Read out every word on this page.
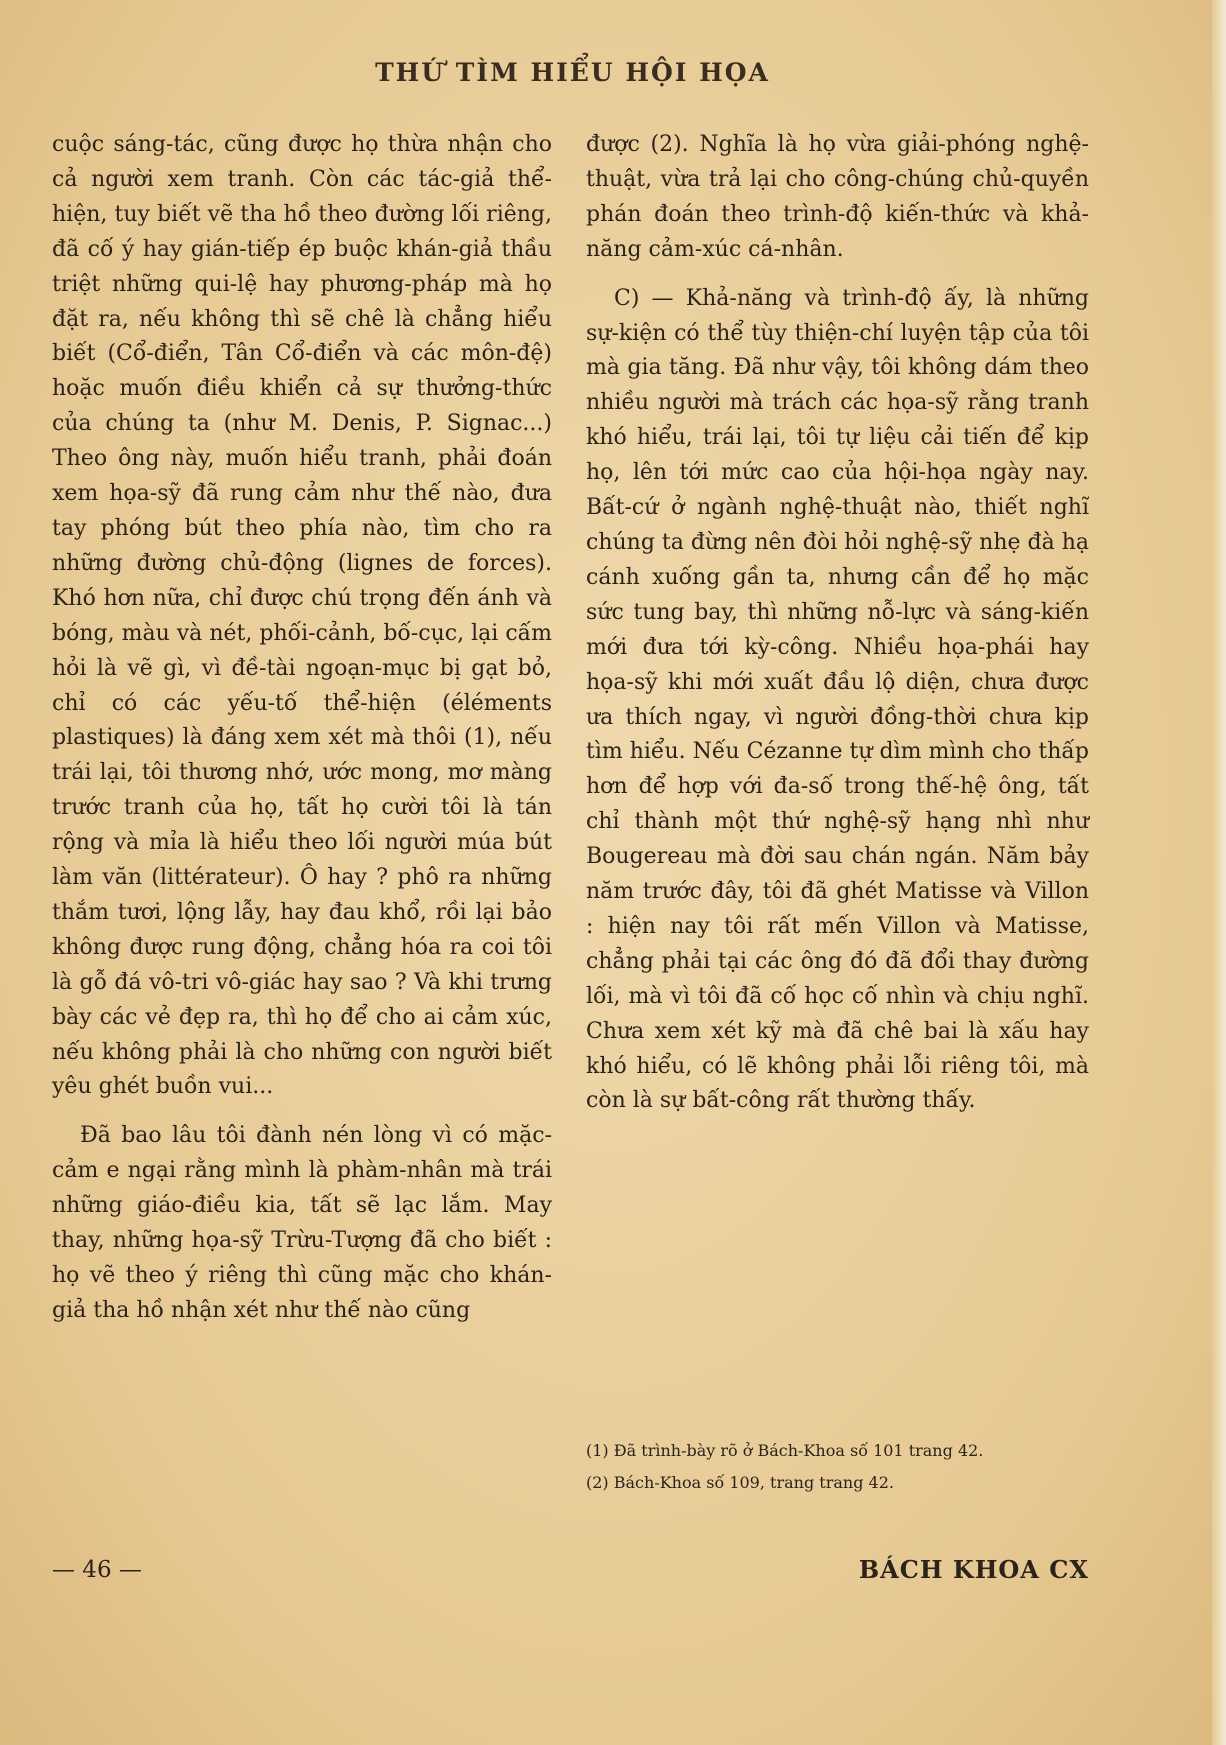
THỨ TÌM HIỂU HỘI HỌA

cuộc sáng-tác, cũng được họ thừa nhận cho cả người xem tranh. Còn các tác-giả thể-hiện, tuy biết vẽ tha hồ theo đường lối riêng, đã cố ý hay gián-tiếp ép buộc khán-giả thầu triệt những qui-lệ hay phương-pháp mà họ đặt ra, nếu không thì sẽ chê là chẳng hiểu biết (Cổ-điển, Tân Cổ-điển và các môn-đệ) hoặc muốn điều khiển cả sự thưởng-thức của chúng ta (như M. Denis, P. Signac...) Theo ông này, muốn hiểu tranh, phải đoán xem họa-sỹ đã rung cảm như thế nào, đưa tay phóng bút theo phía nào, tìm cho ra những đường chủ-động (lignes de forces). Khó hơn nữa, chỉ được chú trọng đến ánh và bóng, màu và nét, phối-cảnh, bố-cục, lại cấm hỏi là vẽ gì, vì đề-tài ngoạn-mục bị gạt bỏ, chỉ có các yếu-tố thể-hiện (éléments plastiques) là đáng xem xét mà thôi (1), nếu trái lại, tôi thương nhớ, ước mong, mơ màng trước tranh của họ, tất họ cười tôi là tán rộng và mỉa là hiểu theo lối người múa bút làm văn (littérateur). Ô hay ? phô ra những thắm tươi, lộng lẫy, hay đau khổ, rồi lại bảo không được rung động, chẳng hóa ra coi tôi là gỗ đá vô-tri vô-giác hay sao ? Và khi trưng bày các vẻ đẹp ra, thì họ để cho ai cảm xúc, nếu không phải là cho những con người biết yêu ghét buồn vui...

Đã bao lâu tôi đành nén lòng vì có mặc-cảm e ngại rằng mình là phàm-nhân mà trái những giáo-điều kia, tất sẽ lạc lắm. May thay, những họa-sỹ Trừu-Tượng đã cho biết : họ vẽ theo ý riêng thì cũng mặc cho khán-giả tha hồ nhận xét như thế nào cũng

được (2). Nghĩa là họ vừa giải-phóng nghệ-thuật, vừa trả lại cho công-chúng chủ-quyền phán đoán theo trình-độ kiến-thức và khả-năng cảm-xúc cá-nhân.

C) — Khả-năng và trình-độ ấy, là những sự-kiện có thể tùy thiện-chí luyện tập của tôi mà gia tăng. Đã như vậy, tôi không dám theo nhiều người mà trách các họa-sỹ rằng tranh khó hiểu, trái lại, tôi tự liệu cải tiến để kịp họ, lên tới mức cao của hội-họa ngày nay. Bất-cứ ở ngành nghệ-thuật nào, thiết nghĩ chúng ta đừng nên đòi hỏi nghệ-sỹ nhẹ đà hạ cánh xuống gần ta, nhưng cần để họ mặc sức tung bay, thì những nỗ-lực và sáng-kiến mới đưa tới kỳ-công. Nhiều họa-phái hay họa-sỹ khi mới xuất đầu lộ diện, chưa được ưa thích ngay, vì người đồng-thời chưa kịp tìm hiểu. Nếu Cézanne tự dìm mình cho thấp hơn để hợp với đa-số trong thế-hệ ông, tất chỉ thành một thứ nghệ-sỹ hạng nhì như Bougereau mà đời sau chán ngán. Năm bảy năm trước đây, tôi đã ghét Matisse và Villon : hiện nay tôi rất mến Villon và Matisse, chẳng phải tại các ông đó đã đổi thay đường lối, mà vì tôi đã cố học cố nhìn và chịu nghĩ. Chưa xem xét kỹ mà đã chê bai là xấu hay khó hiểu, có lẽ không phải lỗi riêng tôi, mà còn là sự bất-công rất thường thấy.

(1) Đã trình-bày rõ ở Bách-Khoa số 101 trang 42.

(2) Bách-Khoa số 109, trang trang 42.

— 46 —	BÁCH KHOA CX
